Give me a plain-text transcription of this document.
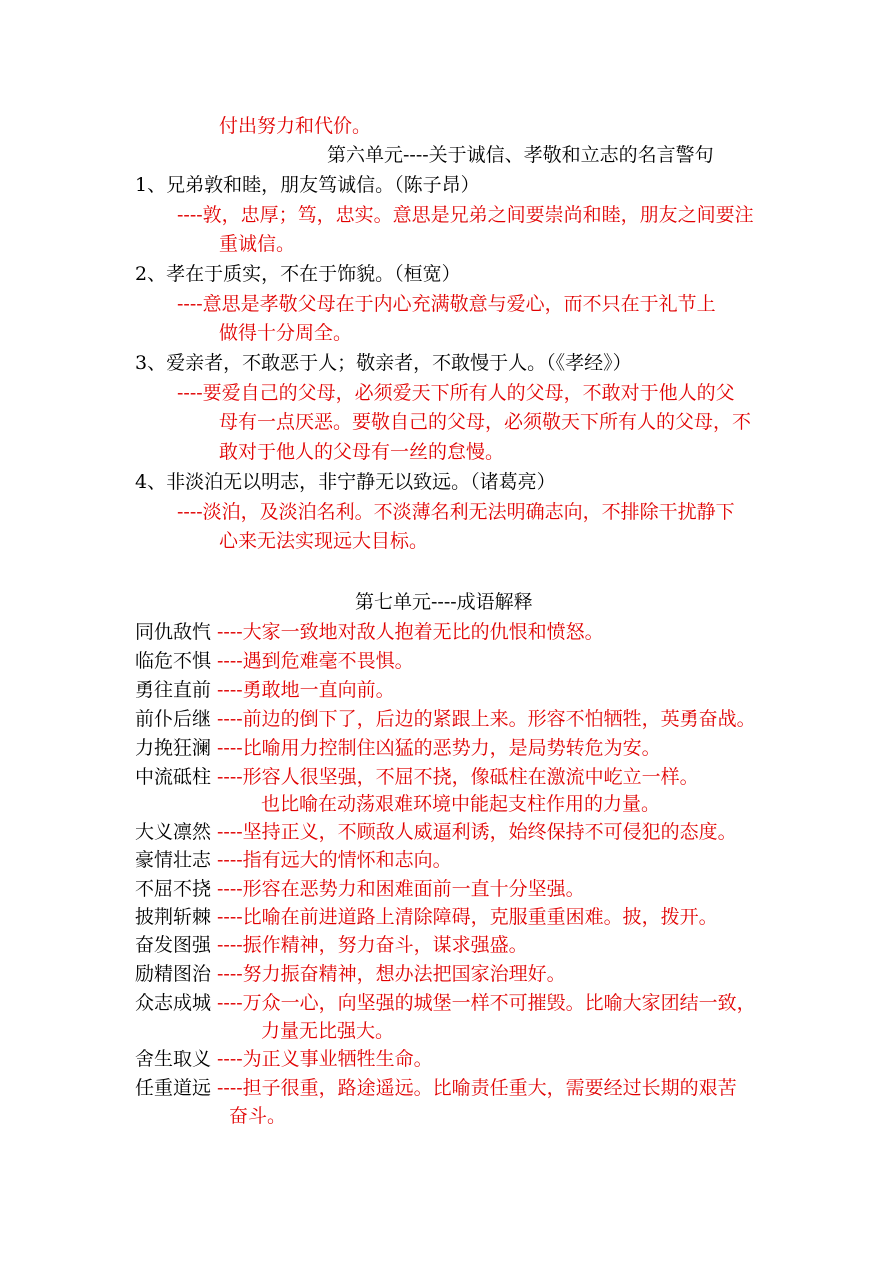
付出努力和代价。
第六单元----关于诚信、孝敬和立志的名言警句
1、兄弟敦和睦，朋友笃诚信。（陈子昂）
----敦，忠厚；笃，忠实。意思是兄弟之间要崇尚和睦，朋友之间要注
重诚信。
2、孝在于质实，不在于饰貌。（桓宽）
----意思是孝敬父母在于内心充满敬意与爱心，而不只在于礼节上
做得十分周全。
3、爱亲者，不敢恶于人；敬亲者，不敢慢于人。（《孝经》）
----要爱自己的父母，必须爱天下所有人的父母，不敢对于他人的父
母有一点厌恶。要敬自己的父母，必须敬天下所有人的父母，不
敢对于他人的父母有一丝的怠慢。
4、非淡泊无以明志，非宁静无以致远。（诸葛亮）
----淡泊，及淡泊名利。不淡薄名利无法明确志向，不排除干扰静下
心来无法实现远大目标。
第七单元----成语解释
同仇敌忾 ----大家一致地对敌人抱着无比的仇恨和愤怒。
临危不惧 ----遇到危难毫不畏惧。
勇往直前 ----勇敢地一直向前。
前仆后继 ----前边的倒下了，后边的紧跟上来。形容不怕牺牲，英勇奋战。
力挽狂澜 ----比喻用力控制住凶猛的恶势力，是局势转危为安。
中流砥柱 ----形容人很坚强，不屈不挠，像砥柱在激流中屹立一样。
也比喻在动荡艰难环境中能起支柱作用的力量。
大义凛然 ----坚持正义，不顾敌人威逼利诱，始终保持不可侵犯的态度。
豪情壮志 ----指有远大的情怀和志向。
不屈不挠 ----形容在恶势力和困难面前一直十分坚强。
披荆斩棘 ----比喻在前进道路上清除障碍，克服重重困难。披，拨开。
奋发图强 ----振作精神，努力奋斗，谋求强盛。
励精图治 ----努力振奋精神，想办法把国家治理好。
众志成城 ----万众一心，向坚强的城堡一样不可摧毁。比喻大家团结一致，
力量无比强大。
舍生取义 ----为正义事业牺牲生命。
任重道远 ----担子很重，路途遥远。比喻责任重大，需要经过长期的艰苦
奋斗。
